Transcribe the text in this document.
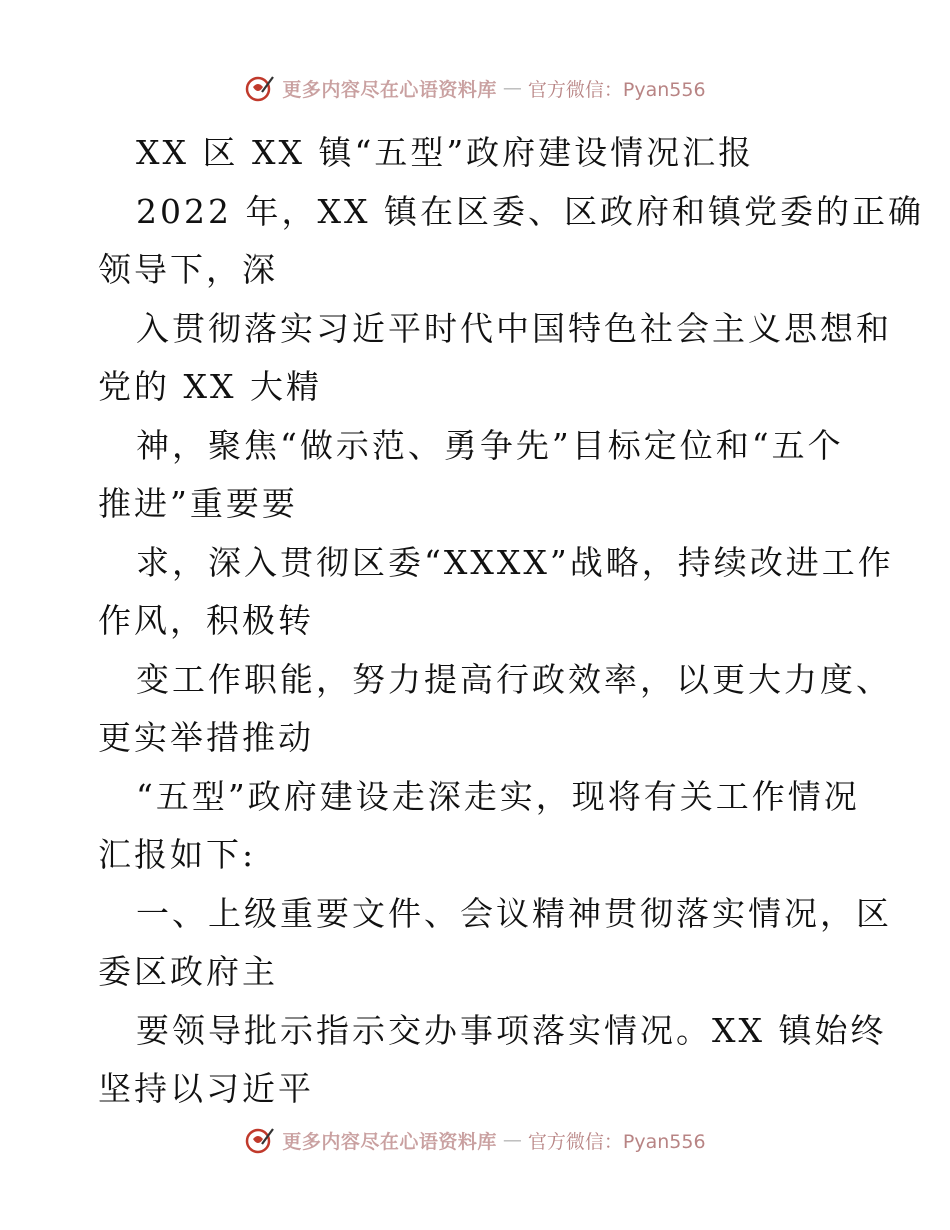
更多内容尽在心语资料库 — 官方微信：Pyan556
XX 区 XX 镇“五型”政府建设情况汇报
2022 年，XX 镇在区委、区政府和镇党委的正确
领导下，深
入贯彻落实习近平时代中国特色社会主义思想和
党的 XX 大精
神，聚焦“做示范、勇争先”目标定位和“五个
推进”重要要
求，深入贯彻区委“XXXX”战略，持续改进工作
作风，积极转
变工作职能，努力提高行政效率，以更大力度、
更实举措推动
“五型”政府建设走深走实，现将有关工作情况
汇报如下:
一、上级重要文件、会议精神贯彻落实情况，区
委区政府主
要领导批示指示交办事项落实情况。XX 镇始终
坚持以习近平
更多内容尽在心语资料库 — 官方微信：Pyan556
